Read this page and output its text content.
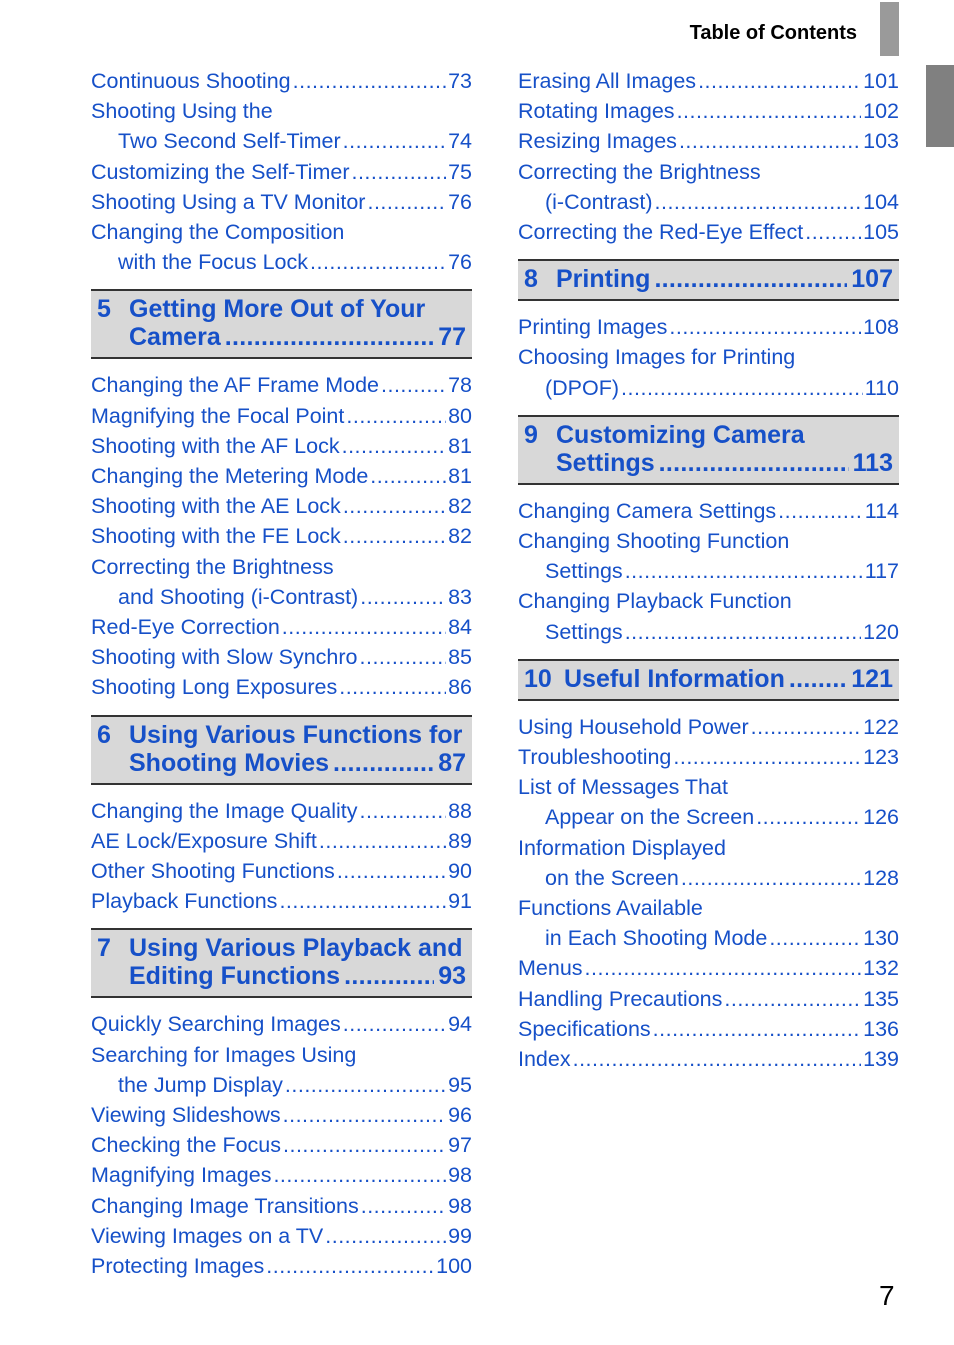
Table of Contents
Continuous Shooting .....	73
Shooting Using the
Two Second Self-Timer .....	74
Customizing the Self-Timer .....	75
Shooting Using a TV Monitor .....	76
Changing the Composition
with the Focus Lock .....	76
5 Getting More Out of Your
Camera .....	77
Changing the AF Frame Mode .....	78
Magnifying the Focal Point .....	80
Shooting with the AF Lock .....	81
Changing the Metering Mode .....	81
Shooting with the AE Lock .....	82
Shooting with the FE Lock .....	82
Correcting the Brightness
and Shooting (i-Contrast) .....	83
Red-Eye Correction .....	84
Shooting with Slow Synchro .....	85
Shooting Long Exposures .....	86
6 Using Various Functions for
Shooting Movies .....	87
Changing the Image Quality .....	88
AE Lock/Exposure Shift .....	89
Other Shooting Functions .....	90
Playback Functions .....	91
7 Using Various Playback and
Editing Functions .....	93
Quickly Searching Images .....	94
Searching for Images Using
the Jump Display .....	95
Viewing Slideshows .....	96
Checking the Focus .....	97
Magnifying Images .....	98
Changing Image Transitions .....	98
Viewing Images on a TV .....	99
Protecting Images .....	100
Erasing All Images .....	101
Rotating Images .....	102
Resizing Images .....	103
Correcting the Brightness
(i-Contrast) .....	104
Correcting the Red-Eye Effect .....	105
8 Printing .....	107
Printing Images .....	108
Choosing Images for Printing
(DPOF) .....	110
9 Customizing Camera
Settings .....	113
Changing Camera Settings .....	114
Changing Shooting Function
Settings .....	117
Changing Playback Function
Settings .....	120
10 Useful Information .....	121
Using Household Power .....	122
Troubleshooting .....	123
List of Messages That
Appear on the Screen .....	126
Information Displayed
on the Screen .....	128
Functions Available
in Each Shooting Mode .....	130
Menus .....	132
Handling Precautions .....	135
Specifications .....	136
Index .....	139
7
